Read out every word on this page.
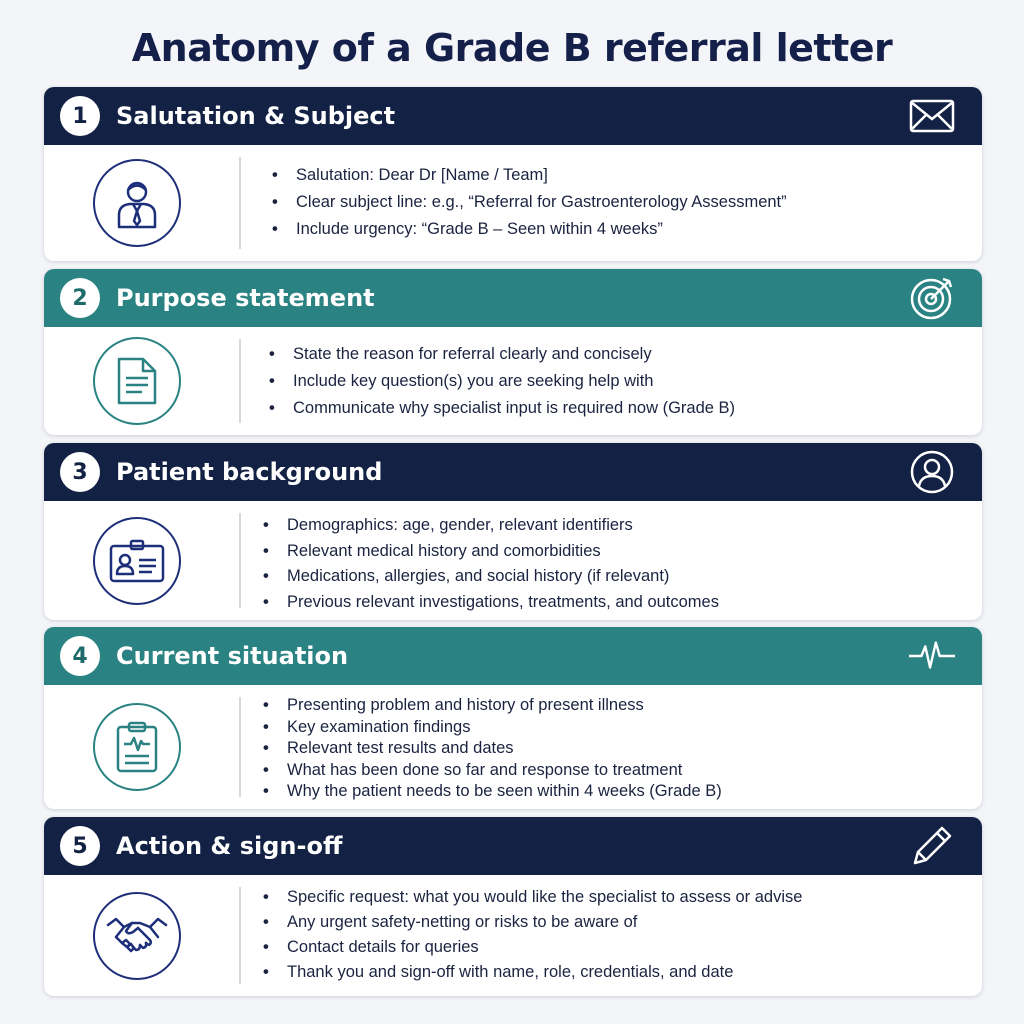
Anatomy of a Grade B referral letter
1	Salutation & Subject
• Salutation: Dear Dr [Name / Team]
• Clear subject line: e.g., “Referral for Gastroenterology Assessment”
• Include urgency: “Grade B – Seen within 4 weeks”
2	Purpose statement
• State the reason for referral clearly and concisely
• Include key question(s) you are seeking help with
• Communicate why specialist input is required now (Grade B)
3	Patient background
• Demographics: age, gender, relevant identifiers
• Relevant medical history and comorbidities
• Medications, allergies, and social history (if relevant)
• Previous relevant investigations, treatments, and outcomes
4	Current situation
• Presenting problem and history of present illness
• Key examination findings
• Relevant test results and dates
• What has been done so far and response to treatment
• Why the patient needs to be seen within 4 weeks (Grade B)
5	Action & sign-off
• Specific request: what you would like the specialist to assess or advise
• Any urgent safety-netting or risks to be aware of
• Contact details for queries
• Thank you and sign-off with name, role, credentials, and date
